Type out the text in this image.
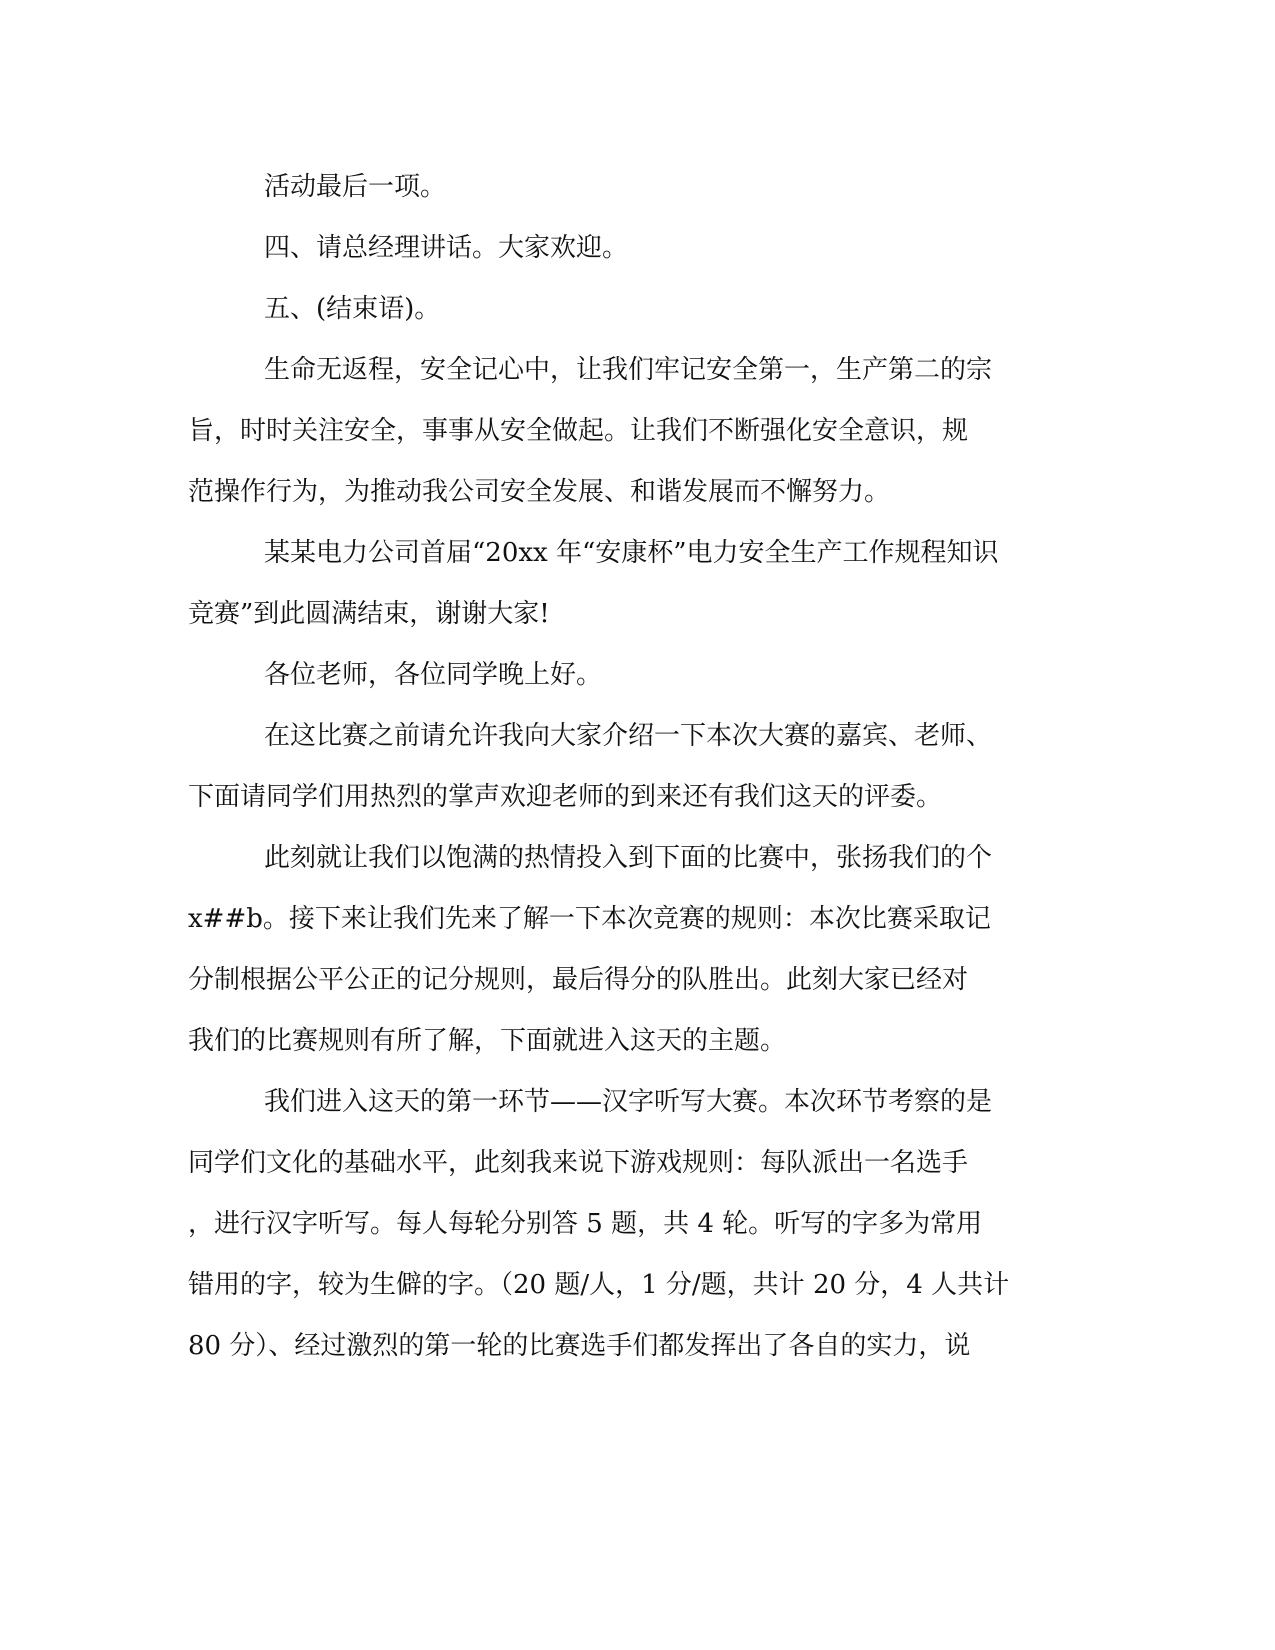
活动最后一项。
四、请总经理讲话。大家欢迎。
五、(结束语)。
生命无返程，安全记心中，让我们牢记安全第一，生产第二的宗
旨，时时关注安全，事事从安全做起。让我们不断强化安全意识，规
范操作行为，为推动我公司安全发展、和谐发展而不懈努力。
某某电力公司首届“20xx 年“安康杯”电力安全生产工作规程知识
竞赛”到此圆满结束，谢谢大家!
各位老师，各位同学晚上好。
在这比赛之前请允许我向大家介绍一下本次大赛的嘉宾、老师、
下面请同学们用热烈的掌声欢迎老师的到来还有我们这天的评委。
此刻就让我们以饱满的热情投入到下面的比赛中，张扬我们的个
x##b。接下来让我们先来了解一下本次竞赛的规则：本次比赛采取记
分制根据公平公正的记分规则，最后得分的队胜出。此刻大家已经对
我们的比赛规则有所了解，下面就进入这天的主题。
我们进入这天的第一环节——汉字听写大赛。本次环节考察的是
同学们文化的基础水平，此刻我来说下游戏规则：每队派出一名选手
，进行汉字听写。每人每轮分别答 5 题，共 4 轮。听写的字多为常用
错用的字，较为生僻的字。（20 题/人，1 分/题，共计 20 分，4 人共计
80 分）、经过激烈的第一轮的比赛选手们都发挥出了各自的实力，说
